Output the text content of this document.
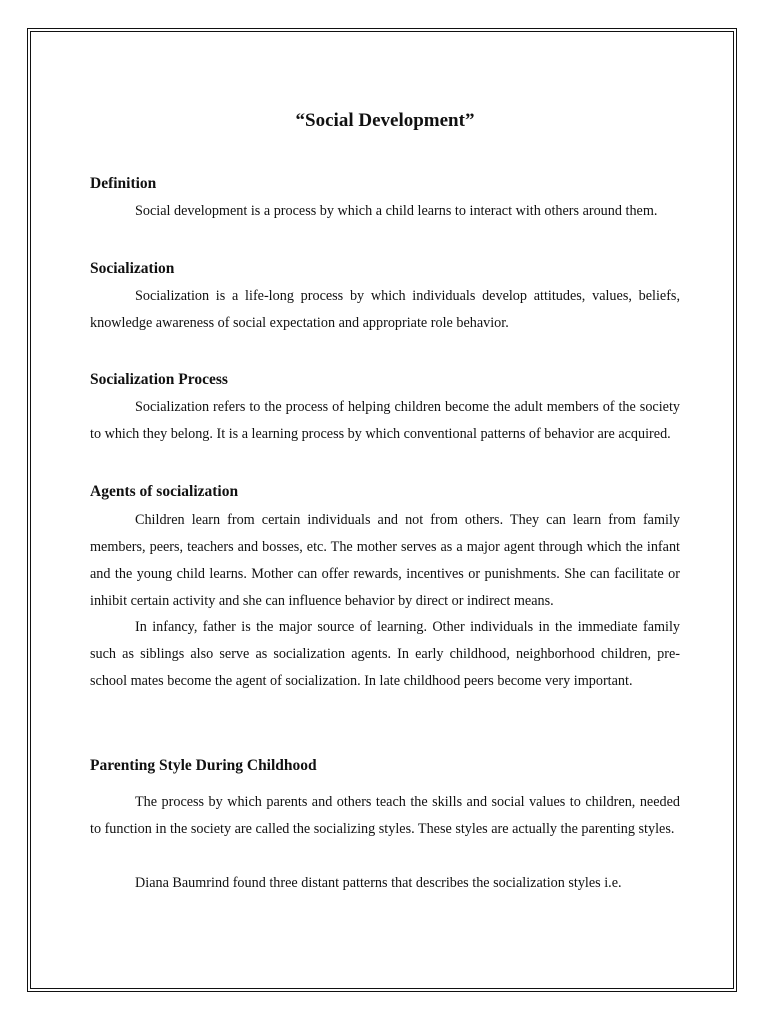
“Social Development”
Definition

Social development is a process by which a child learns to interact with others around them.

Socialization

Socialization is a life-long process by which individuals develop attitudes, values, beliefs, knowledge awareness of social expectation and appropriate role behavior.

Socialization Process

Socialization refers to the process of helping children become the adult members of the society to which they belong. It is a learning process by which conventional patterns of behavior are acquired.

Agents of socialization

Children learn from certain individuals and not from others. They can learn from family members, peers, teachers and bosses, etc. The mother serves as a major agent through which the infant and the young child learns. Mother can offer rewards, incentives or punishments. She can facilitate or inhibit certain activity and she can influence behavior by direct or indirect means.

In infancy, father is the major source of learning. Other individuals in the immediate family such as siblings also serve as socialization agents. In early childhood, neighborhood children, pre-school mates become the agent of socialization. In late childhood peers become very important.

Parenting Style During Childhood

The process by which parents and others teach the skills and social values to children, needed to function in the society are called the socializing styles. These styles are actually the parenting styles.

Diana Baumrind found three distant patterns that describes the socialization styles i.e.
